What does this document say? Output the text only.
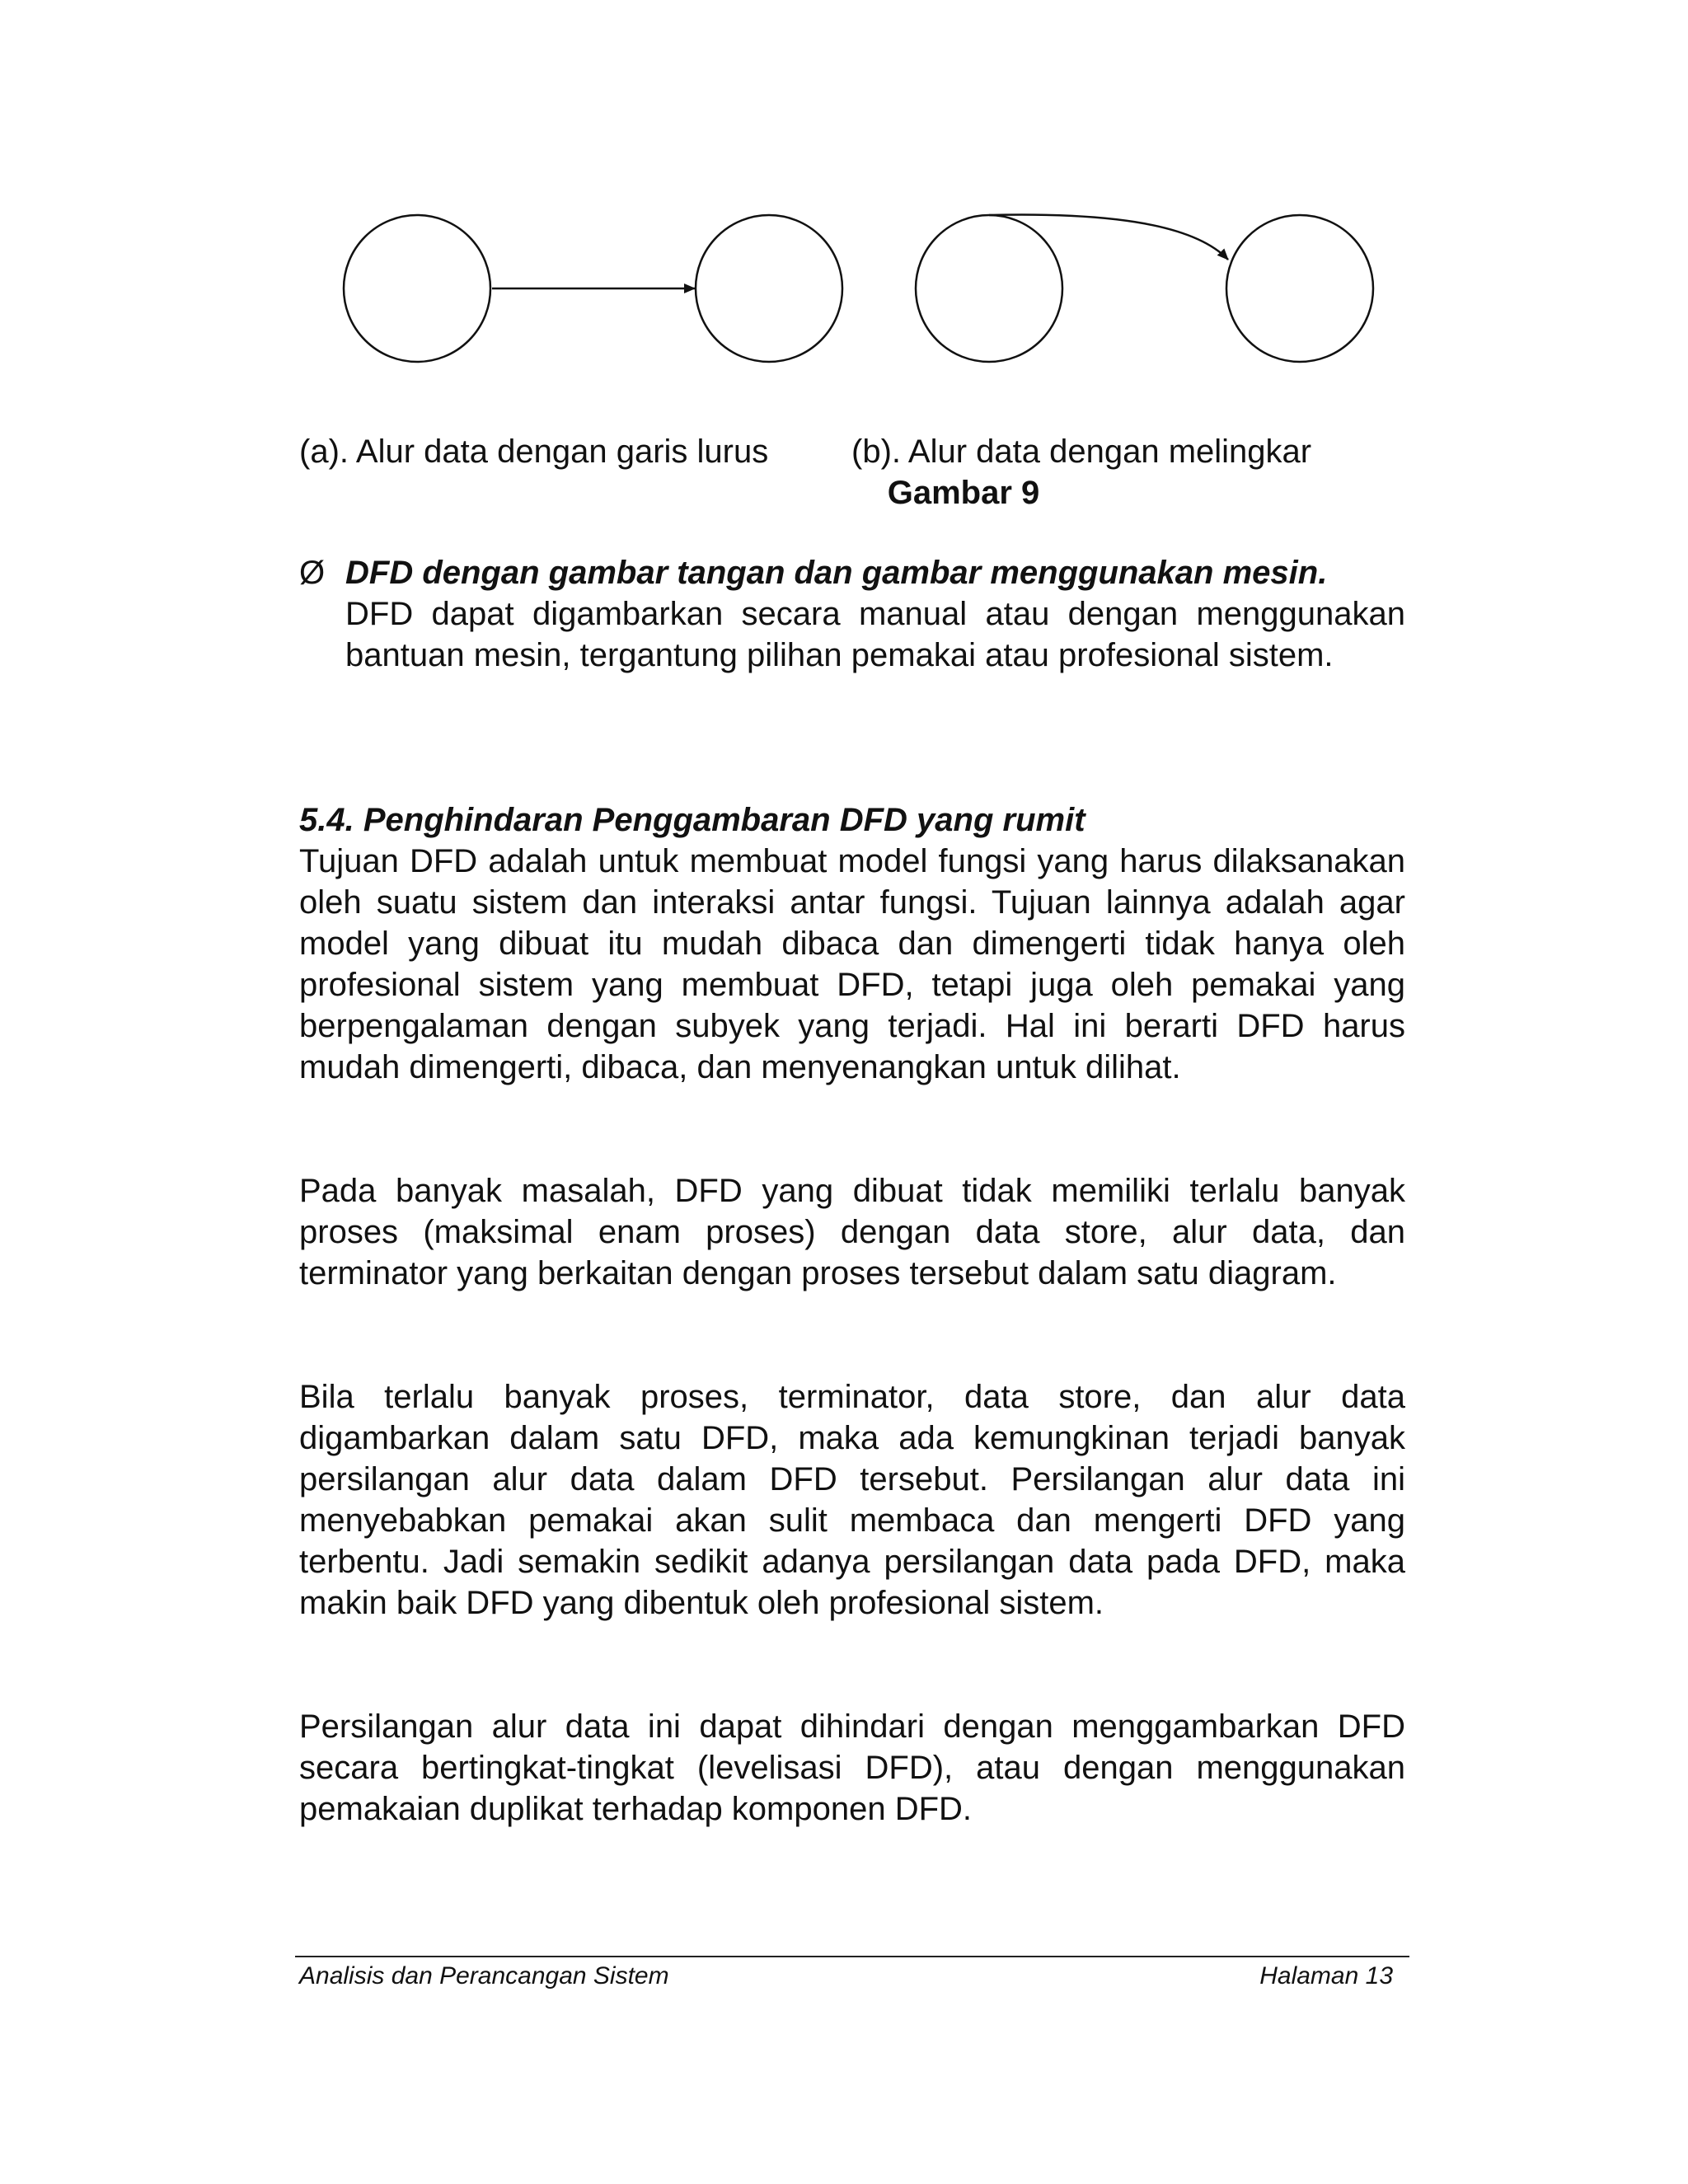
(a). Alur data dengan garis lurus	(b). Alur data dengan melingkar
Gambar 9
Ø DFD dengan gambar tangan dan gambar menggunakan mesin.
DFD dapat digambarkan secara manual atau dengan menggunakan bantuan mesin, tergantung pilihan pemakai atau profesional sistem.
5.4. Penghindaran Penggambaran DFD yang rumit

Tujuan DFD adalah untuk membuat model fungsi yang harus dilaksanakan oleh suatu sistem dan interaksi antar fungsi. Tujuan lainnya adalah agar model yang dibuat itu mudah dibaca dan dimengerti tidak hanya oleh profesional sistem yang membuat DFD, tetapi juga oleh pemakai yang berpengalaman dengan subyek yang terjadi. Hal ini berarti DFD harus mudah dimengerti, dibaca, dan menyenangkan untuk dilihat.

Pada banyak masalah, DFD yang dibuat tidak memiliki terlalu banyak proses (maksimal enam proses) dengan data store, alur data, dan terminator yang berkaitan dengan proses tersebut dalam satu diagram.

Bila terlalu banyak proses, terminator, data store, dan alur data digambarkan dalam satu DFD, maka ada kemungkinan terjadi banyak persilangan alur data dalam DFD tersebut. Persilangan alur data ini menyebabkan pemakai akan sulit membaca dan mengerti DFD yang terbentu. Jadi semakin sedikit adanya persilangan data pada DFD, maka makin baik DFD yang dibentuk oleh profesional sistem.

Persilangan alur data ini dapat dihindari dengan menggambarkan DFD secara bertingkat-tingkat (levelisasi DFD), atau dengan menggunakan pemakaian duplikat terhadap komponen DFD.

Analisis dan Perancangan Sistem	Halaman 13
